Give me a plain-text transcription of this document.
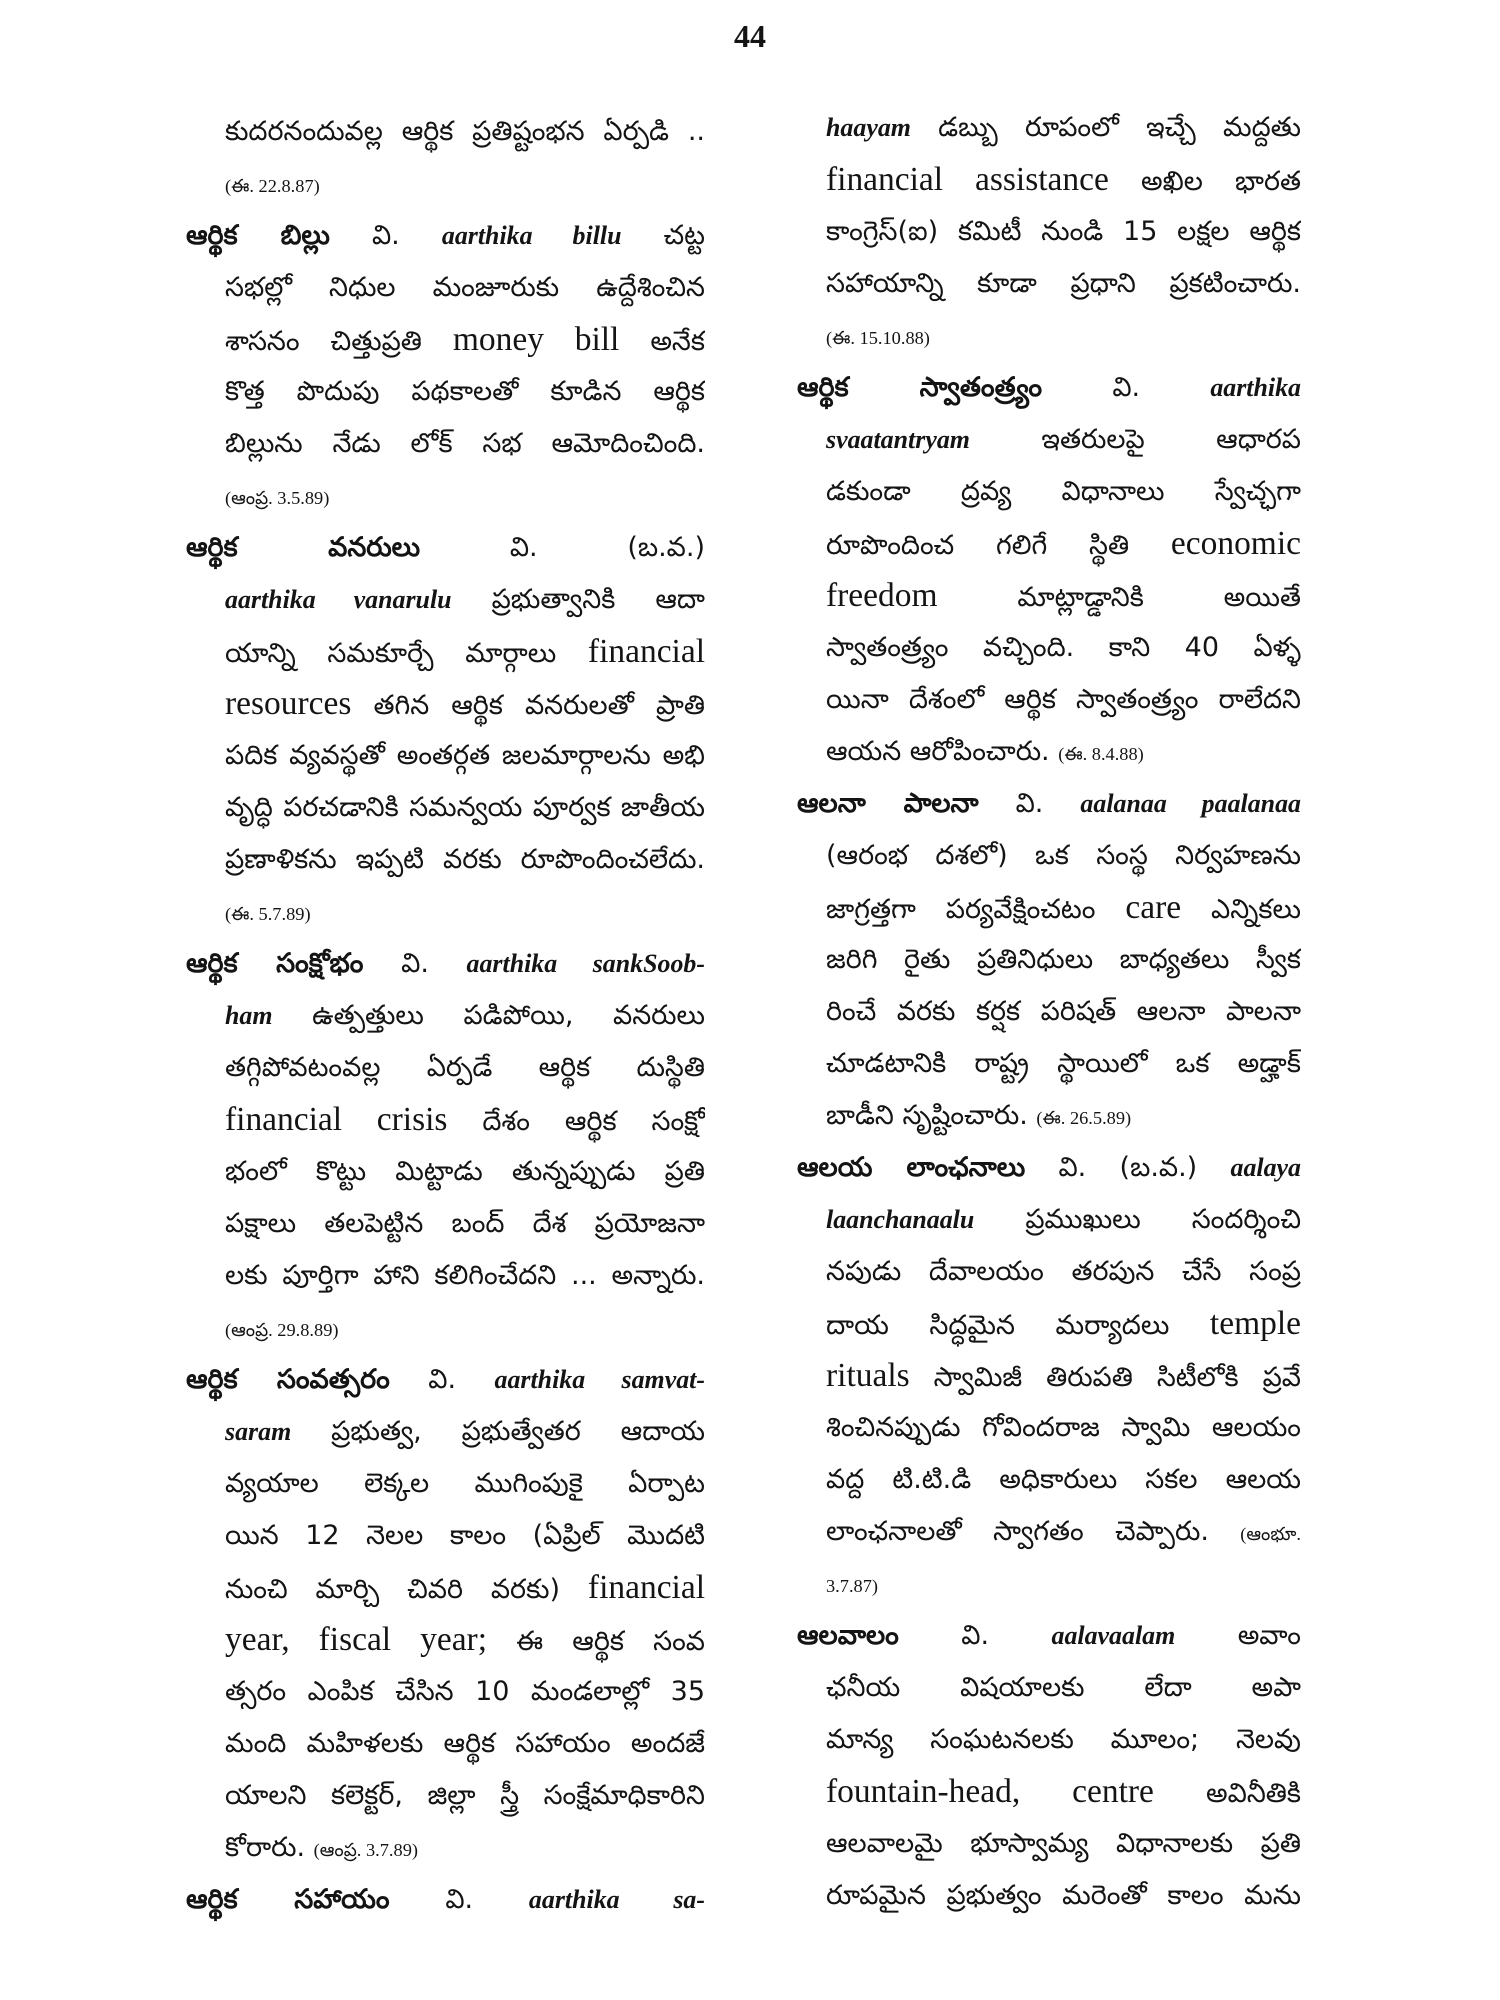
44
కుదరనందువల్ల ఆర్థిక ప్రతిష్టంభన ఏర్పడి ..
(ఈ. 22.8.87)
ఆర్థిక బిల్లు వి. aarthika billu చట్ట
సభల్లో నిధుల మంజూరుకు ఉద్దేశించిన
శాసనం చిత్తుప్రతి money bill అనేక
కొత్త పొదుపు పథకాలతో కూడిన ఆర్థిక
బిల్లును నేడు లోక్ సభ ఆమోదించింది.
(ఆంప్ర. 3.5.89)
ఆర్థిక వనరులు వి. (బ.వ.)
aarthika vanarulu ప్రభుత్వానికి ఆదా
యాన్ని సమకూర్చే మార్గాలు financial
resources తగిన ఆర్థిక వనరులతో ప్రాతి
పదిక వ్యవస్థతో అంతర్గత జలమార్గాలను అభి
వృద్ధి పరచడానికి సమన్వయ పూర్వక జాతీయ
ప్రణాళికను ఇప్పటి వరకు రూపొందించలేదు.
(ఈ. 5.7.89)
ఆర్థిక సంక్షోభం వి. aarthika sankSoob-
ham ఉత్పత్తులు పడిపోయి, వనరులు
తగ్గిపోవటంవల్ల ఏర్పడే ఆర్థిక దుస్థితి
financial crisis దేశం ఆర్థిక సంక్షో
భంలో కొట్టు మిట్టాడు తున్నప్పుడు ప్రతి
పక్షాలు తలపెట్టిన బంద్ దేశ ప్రయోజనా
లకు పూర్తిగా హాని కలిగించేదని ... అన్నారు.
(ఆంప్ర. 29.8.89)
ఆర్థిక సంవత్సరం వి. aarthika samvat-
saram ప్రభుత్వ, ప్రభుత్వేతర ఆదాయ
వ్యయాల లెక్కల ముగింపుకై ఏర్పాట
యిన 12 నెలల కాలం (ఏప్రిల్ మొదటి
నుంచి మార్చి చివరి వరకు) financial
year, fiscal year; ఈ ఆర్థిక సంవ
త్సరం ఎంపిక చేసిన 10 మండలాల్లో 35
మంది మహిళలకు ఆర్థిక సహాయం అందజే
యాలని కలెక్టర్, జిల్లా స్త్రీ సంక్షేమాధికారిని
కోరారు. (ఆంప్ర. 3.7.89)
ఆర్థిక సహాయం వి. aarthika sa-
haayam డబ్బు రూపంలో ఇచ్చే మద్దతు
financial assistance అఖిల భారత
కాంగ్రెస్(ఐ) కమిటీ నుండి 15 లక్షల ఆర్థిక
సహాయాన్ని కూడా ప్రధాని ప్రకటించారు.
(ఈ. 15.10.88)
ఆర్థిక స్వాతంత్ర్యం వి. aarthika
svaatantryam ఇతరులపై ఆధారప
డకుండా ద్రవ్య విధానాలు స్వేచ్ఛగా
రూపొందించ గలిగే స్థితి economic
freedom మాట్లాడ్డానికి అయితే
స్వాతంత్ర్యం వచ్చింది. కాని 40 ఏళ్ళ
యినా దేశంలో ఆర్థిక స్వాతంత్ర్యం రాలేదని
ఆయన ఆరోపించారు. (ఈ. 8.4.88)
ఆలనా పాలనా వి. aalanaa paalanaa
(ఆరంభ దశలో) ఒక సంస్థ నిర్వహణను
జాగ్రత్తగా పర్యవేక్షించటం care ఎన్నికలు
జరిగి రైతు ప్రతినిధులు బాధ్యతలు స్వీక
రించే వరకు కర్షక పరిషత్ ఆలనా పాలనా
చూడటానికి రాష్ట్ర స్థాయిలో ఒక అడ్హాక్
బాడీని సృష్టించారు. (ఈ. 26.5.89)
ఆలయ లాంఛనాలు వి. (బ.వ.) aalaya
laanchanaalu ప్రముఖులు సందర్శించి
నపుడు దేవాలయం తరపున చేసే సంప్ర
దాయ సిద్ధమైన మర్యాదలు temple
rituals స్వామిజీ తిరుపతి సిటీలోకి ప్రవే
శించినప్పుడు గోవిందరాజ స్వామి ఆలయం
వద్ద టి.టి.డి అధికారులు సకల ఆలయ
లాంఛనాలతో స్వాగతం చెప్పారు. (ఆంభూ.
3.7.87)
ఆలవాలం వి. aalavaalam అవాం
ఛనీయ విషయాలకు లేదా అపా
మాన్య సంఘటనలకు మూలం; నెలవు
fountain-head, centre అవినీతికి
ఆలవాలమై భూస్వామ్య విధానాలకు ప్రతి
రూపమైన ప్రభుత్వం మరెంతో కాలం మను
